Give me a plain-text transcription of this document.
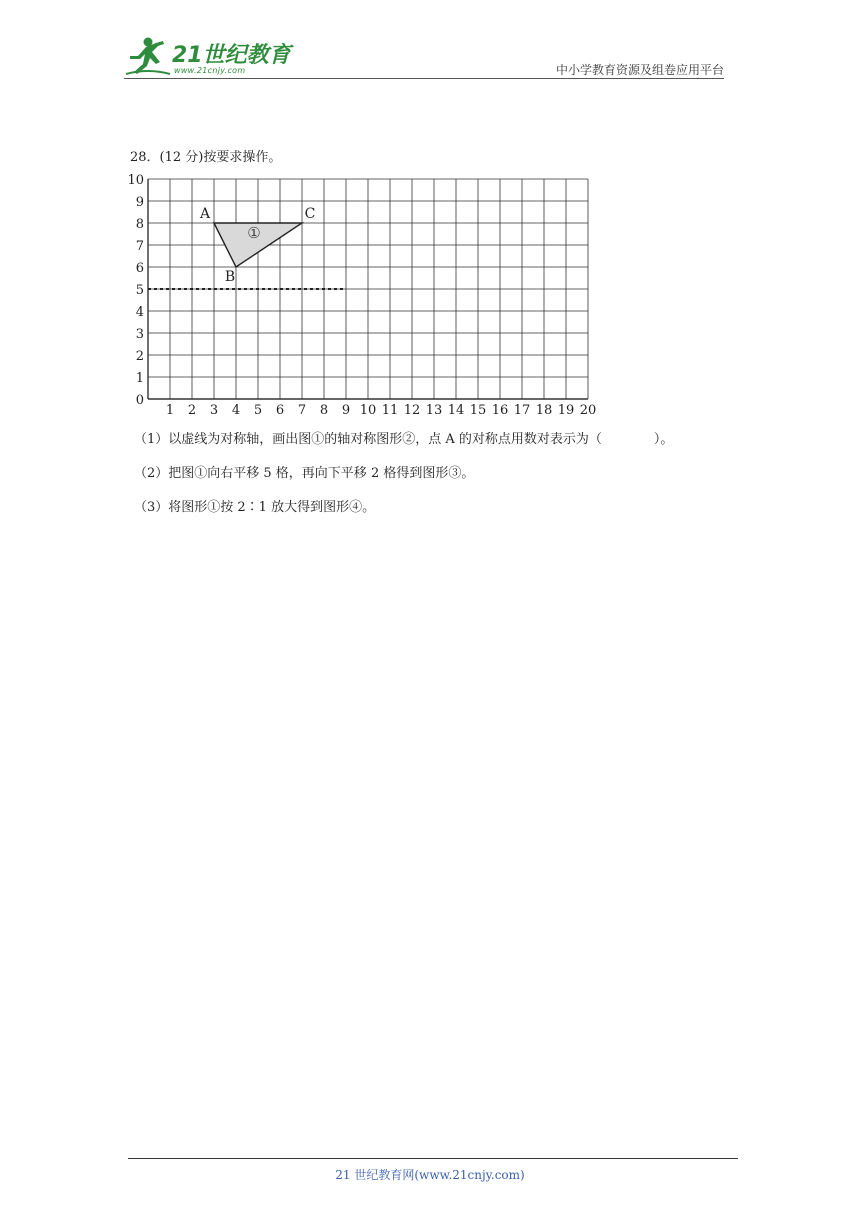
21世纪教育
www.21cnjy.com	中小学教育资源及组卷应用平台
28．(12 分)按要求操作。
0
1
2
3
4
5
6
7
8
9
10
1 2 3 4 5 6 7 8 9 10 11 12 13 14 15 16 17 18 19 20
A
B
C
①
（1）以虚线为对称轴，画出图①的轴对称图形②，点 A 的对称点用数对表示为（　　　　）。
（2）把图①向右平移 5 格，再向下平移 2 格得到图形③。
（3）将图形①按 2∶1 放大得到图形④。
21 世纪教育网(www.21cnjy.com)
